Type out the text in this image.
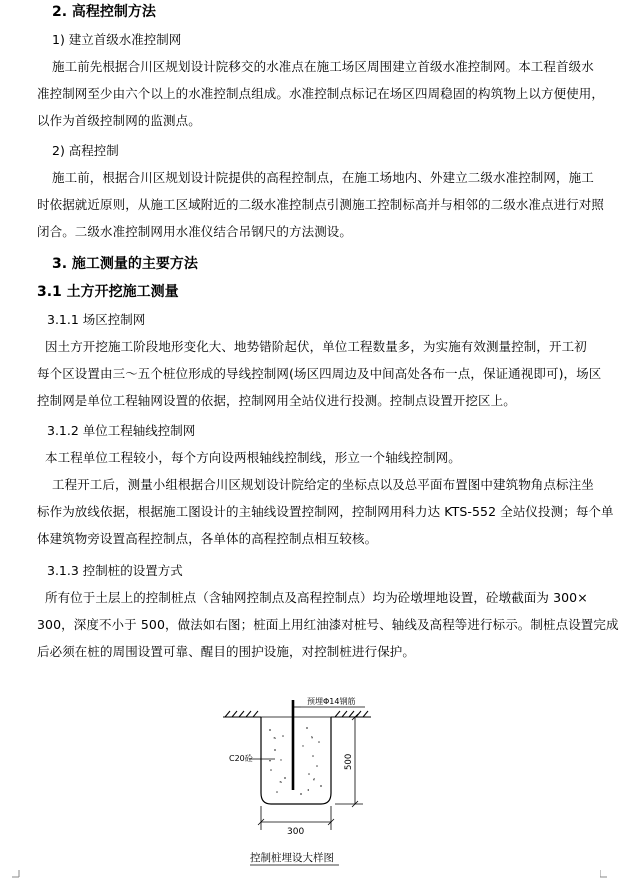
2. 高程控制方法
1) 建立首级水准控制网
施工前先根据合川区规划设计院移交的水准点在施工场区周围建立首级水准控制网。本工程首级水
准控制网至少由六个以上的水准控制点组成。水准控制点标记在场区四周稳固的构筑物上以方便使用，
以作为首级控制网的监测点。
2) 高程控制
施工前，根据合川区规划设计院提供的高程控制点，在施工场地内、外建立二级水准控制网，施工
时依据就近原则，从施工区域附近的二级水准控制点引测施工控制标高并与相邻的二级水准点进行对照
闭合。二级水准控制网用水准仪结合吊钢尺的方法测设。
3. 施工测量的主要方法
3.1 土方开挖施工测量
3.1.1 场区控制网
因土方开挖施工阶段地形变化大、地势错阶起伏，单位工程数量多，为实施有效测量控制，开工初
每个区设置由三～五个桩位形成的导线控制网(场区四周边及中间高处各布一点，保证通视即可)，场区
控制网是单位工程轴网设置的依据，控制网用全站仪进行投测。控制点设置开挖区上。
3.1.2 单位工程轴线控制网
本工程单位工程较小，每个方向设两根轴线控制线，形立一个轴线控制网。
工程开工后，测量小组根据合川区规划设计院给定的坐标点以及总平面布置图中建筑物角点标注坐
标作为放线依据，根据施工图设计的主轴线设置控制网，控制网用科力达 KTS-552 全站仪投测；每个单
体建筑物旁设置高程控制点，各单体的高程控制点相互较核。
3.1.3 控制桩的设置方式
所有位于土层上的控制桩点（含轴网控制点及高程控制点）均为砼墩埋地设置，砼墩截面为 300×
300，深度不小于 500，做法如右图；桩面上用红油漆对桩号、轴线及高程等进行标示。制桩点设置完成
后必须在桩的周围设置可靠、醒目的围护设施，对控制桩进行保护。
预埋Φ14钢筋
C20砼	500
300
控制桩埋设大样图
